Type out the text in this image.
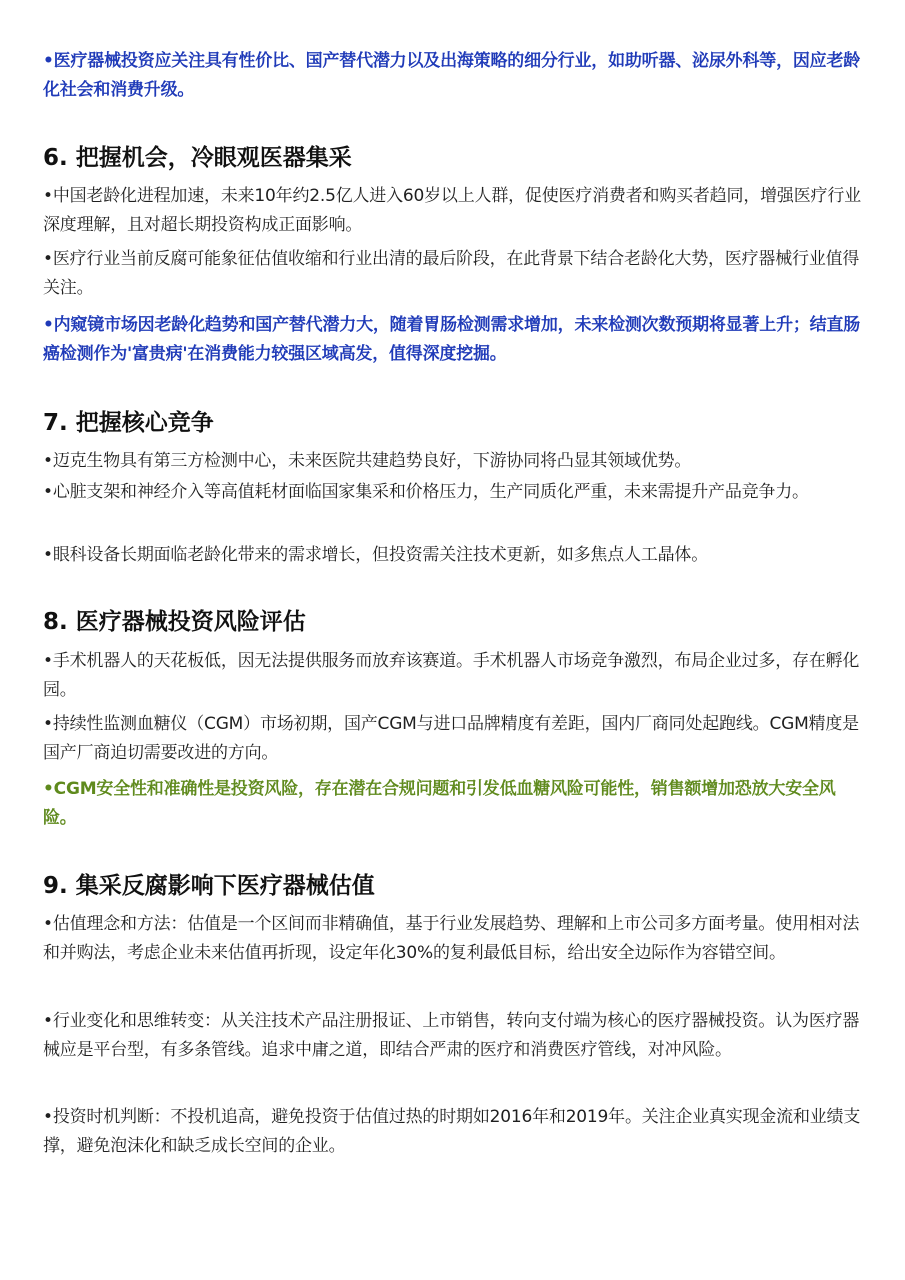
•医疗器械投资应关注具有性价比、国产替代潜力以及出海策略的细分行业，如助听器、泌尿外科等，因应老龄化社会和消费升级。

6. 把握机会，冷眼观医器集采

•中国老龄化进程加速，未来10年约2.5亿人进入60岁以上人群，促使医疗消费者和购买者趋同，增强医疗行业深度理解，且对超长期投资构成正面影响。

•医疗行业当前反腐可能象征估值收缩和行业出清的最后阶段，在此背景下结合老龄化大势，医疗器械行业值得关注。

•内窥镜市场因老龄化趋势和国产替代潜力大，随着胃肠检测需求增加，未来检测次数预期将显著上升；结直肠癌检测作为'富贵病'在消费能力较强区域高发，值得深度挖掘。

7. 把握核心竞争

•迈克生物具有第三方检测中心，未来医院共建趋势良好，下游协同将凸显其领域优势。

•心脏支架和神经介入等高值耗材面临国家集采和价格压力，生产同质化严重，未来需提升产品竞争力。

•眼科设备长期面临老龄化带来的需求增长，但投资需关注技术更新，如多焦点人工晶体。

8. 医疗器械投资风险评估

•手术机器人的天花板低，因无法提供服务而放弃该赛道。手术机器人市场竞争激烈，布局企业过多，存在孵化园。

•持续性监测血糖仪（CGM）市场初期，国产CGM与进口品牌精度有差距，国内厂商同处起跑线。CGM精度是国产厂商迫切需要改进的方向。

•CGM安全性和准确性是投资风险，存在潜在合规问题和引发低血糖风险可能性，销售额增加恐放大安全风险。

9. 集采反腐影响下医疗器械估值

•估值理念和方法：估值是一个区间而非精确值，基于行业发展趋势、理解和上市公司多方面考量。使用相对法和并购法，考虑企业未来估值再折现，设定年化30%的复利最低目标，给出安全边际作为容错空间。

•行业变化和思维转变：从关注技术产品注册报证、上市销售，转向支付端为核心的医疗器械投资。认为医疗器械应是平台型，有多条管线。追求中庸之道，即结合严肃的医疗和消费医疗管线，对冲风险。

•投资时机判断：不投机追高，避免投资于估值过热的时期如2016年和2019年。关注企业真实现金流和业绩支撑，避免泡沫化和缺乏成长空间的企业。
